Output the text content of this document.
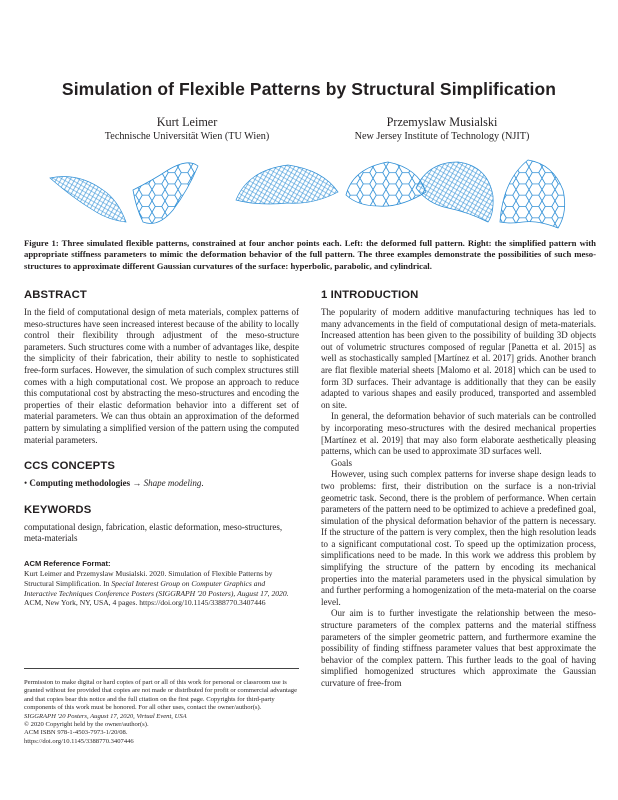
Simulation of Flexible Patterns by Structural Simplification
Kurt Leimer
Technische Universität Wien (TU Wien)
Przemyslaw Musialski
New Jersey Institute of Technology (NJIT)

Figure 1: Three simulated flexible patterns, constrained at four anchor points each. Left: the deformed full pattern. Right: the simplified pattern with appropriate stiffness parameters to mimic the deformation behavior of the full pattern. The three examples demonstrate the possibilities of such meso-structures to approximate different Gaussian curvatures of the surface: hyperbolic, parabolic, and cylindrical.

ABSTRACT

In the field of computational design of meta materials, complex patterns of meso-structures have seen increased interest because of the ability to locally control their flexibility through adjustment of the meso-structure parameters. Such structures come with a number of advantages like, despite the simplicity of their fabrication, their ability to nestle to sophisticated free-form surfaces. However, the simulation of such complex structures still comes with a high computational cost. We propose an approach to reduce this computational cost by abstracting the meso-structures and encoding the properties of their elastic deformation behavior into a different set of material parameters. We can thus obtain an approximation of the deformed pattern by simulating a simplified version of the pattern using the computed material parameters.

CCS CONCEPTS
• Computing methodologies → Shape modeling.
KEYWORDS

computational design, fabrication, elastic deformation, meso-structures, meta-materials

ACM Reference Format:
Kurt Leimer and Przemyslaw Musialski. 2020. Simulation of Flexible Patterns by Structural Simplification. In Special Interest Group on Computer Graphics and Interactive Techniques Conference Posters (SIGGRAPH '20 Posters), August 17, 2020. ACM, New York, NY, USA, 4 pages. https://doi.org/10.1145/3388770.3407446
Permission to make digital or hard copies of part or all of this work for personal or classroom use is granted without fee provided that copies are not made or distributed for profit or commercial advantage and that copies bear this notice and the full citation on the first page. Copyrights for third-party components of this work must be honored. For all other uses, contact the owner/author(s).
SIGGRAPH '20 Posters, August 17, 2020, Virtual Event, USA
© 2020 Copyright held by the owner/author(s).
ACM ISBN 978-1-4503-7973-1/20/08.
https://doi.org/10.1145/3388770.3407446
1 INTRODUCTION

The popularity of modern additive manufacturing techniques has led to many advancements in the field of computational design of meta-materials. Increased attention has been given to the possibility of building 3D objects out of volumetric structures composed of regular [Panetta et al. 2015] as well as stochastically sampled [Martínez et al. 2017] grids. Another branch are flat flexible material sheets [Malomo et al. 2018] which can be used to form 3D surfaces. Their advantage is additionally that they can be easily adapted to various shapes and easily produced, transported and assembled on site.

In general, the deformation behavior of such materials can be controlled by incorporating meso-structures with the desired mechanical properties [Martínez et al. 2019] that may also form elaborate aesthetically pleasing patterns, which can be used to approximate 3D surfaces well.

Goals

However, using such complex patterns for inverse shape design leads to two problems: first, their distribution on the surface is a non-trivial geometric task. Second, there is the problem of performance. When certain parameters of the pattern need to be optimized to achieve a predefined goal, simulation of the physical deformation behavior of the pattern is necessary. If the structure of the pattern is very complex, then the high resolution leads to a significant computational cost. To speed up the optimization process, simplifications need to be made. In this work we address this problem by simplifying the structure of the pattern by encoding its mechanical properties into the material parameters used in the physical simulation by and further performing a homogenization of the meta-material on the coarse level.

Our aim is to further investigate the relationship between the meso-structure parameters of the complex patterns and the material stiffness parameters of the simpler geometric pattern, and furthermore examine the possibility of finding stiffness parameter values that best approximate the behavior of the complex pattern. This further leads to the goal of having simplified homogenized structures which approximate the Gaussian curvature of free-from
